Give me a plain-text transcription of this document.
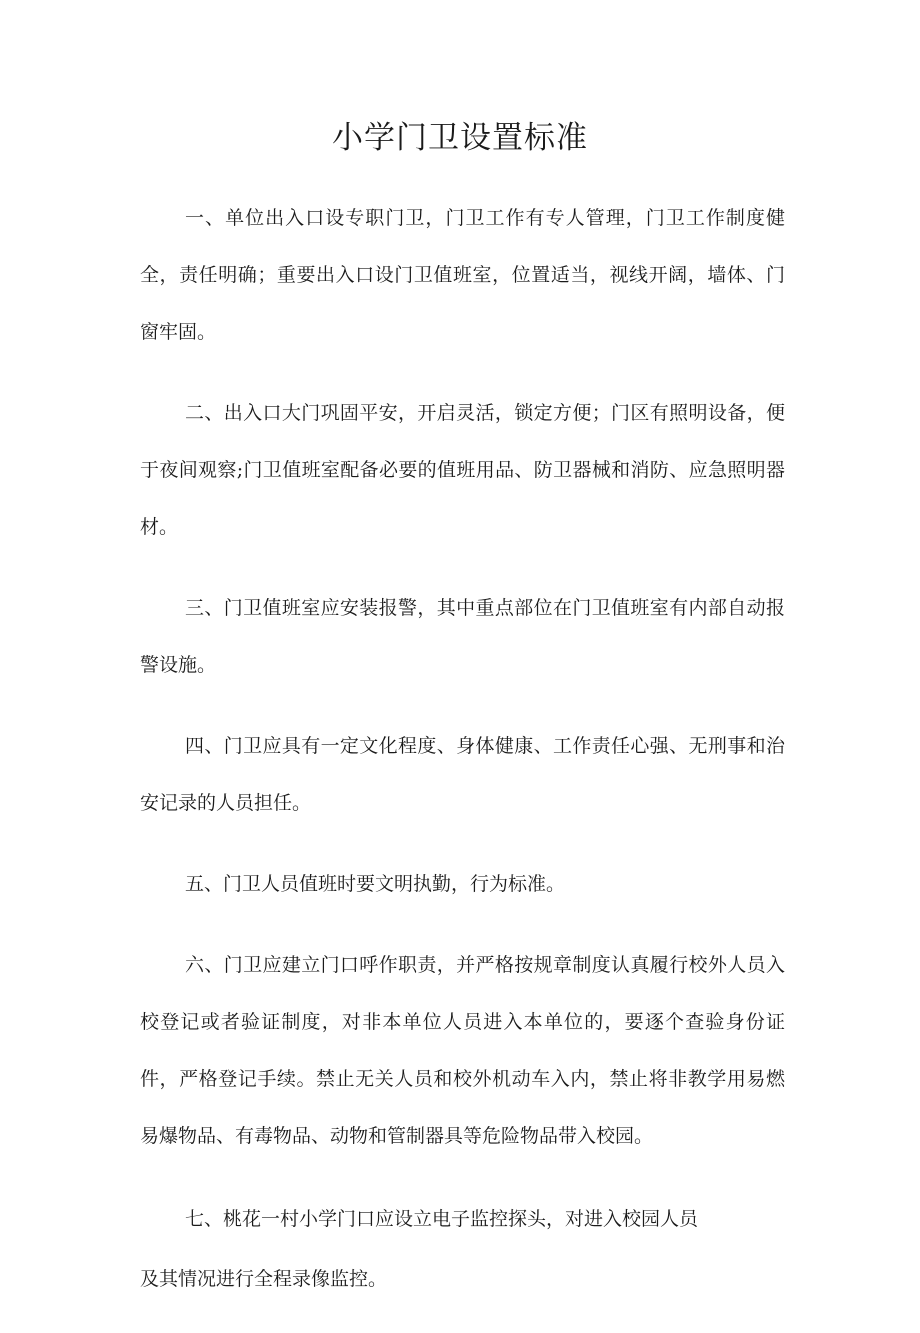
小学门卫设置标准

一、单位出入口设专职门卫，门卫工作有专人管理，门卫工作制度健全，责任明确；重要出入口设门卫值班室，位置适当，视线开阔，墙体、门窗牢固。

二、出入口大门巩固平安，开启灵活，锁定方便；门区有照明设备，便于夜间观察;门卫值班室配备必要的值班用品、防卫器械和消防、应急照明器材。

三、门卫值班室应安装报警，其中重点部位在门卫值班室有内部自动报警设施。

四、门卫应具有一定文化程度、身体健康、工作责任心强、无刑事和治安记录的人员担任。

五、门卫人员值班时要文明执勤，行为标准。

六、门卫应建立门口呼作职责，并严格按规章制度认真履行校外人员入校登记或者验证制度，对非本单位人员进入本单位的，要逐个查验身份证件，严格登记手续。禁止无关人员和校外机动车入内，禁止将非教学用易燃易爆物品、有毒物品、动物和管制器具等危险物品带入校园。

七、桃花一村小学门口应设立电子监控探头，对进入校园人员
及其情况进行全程录像监控。
